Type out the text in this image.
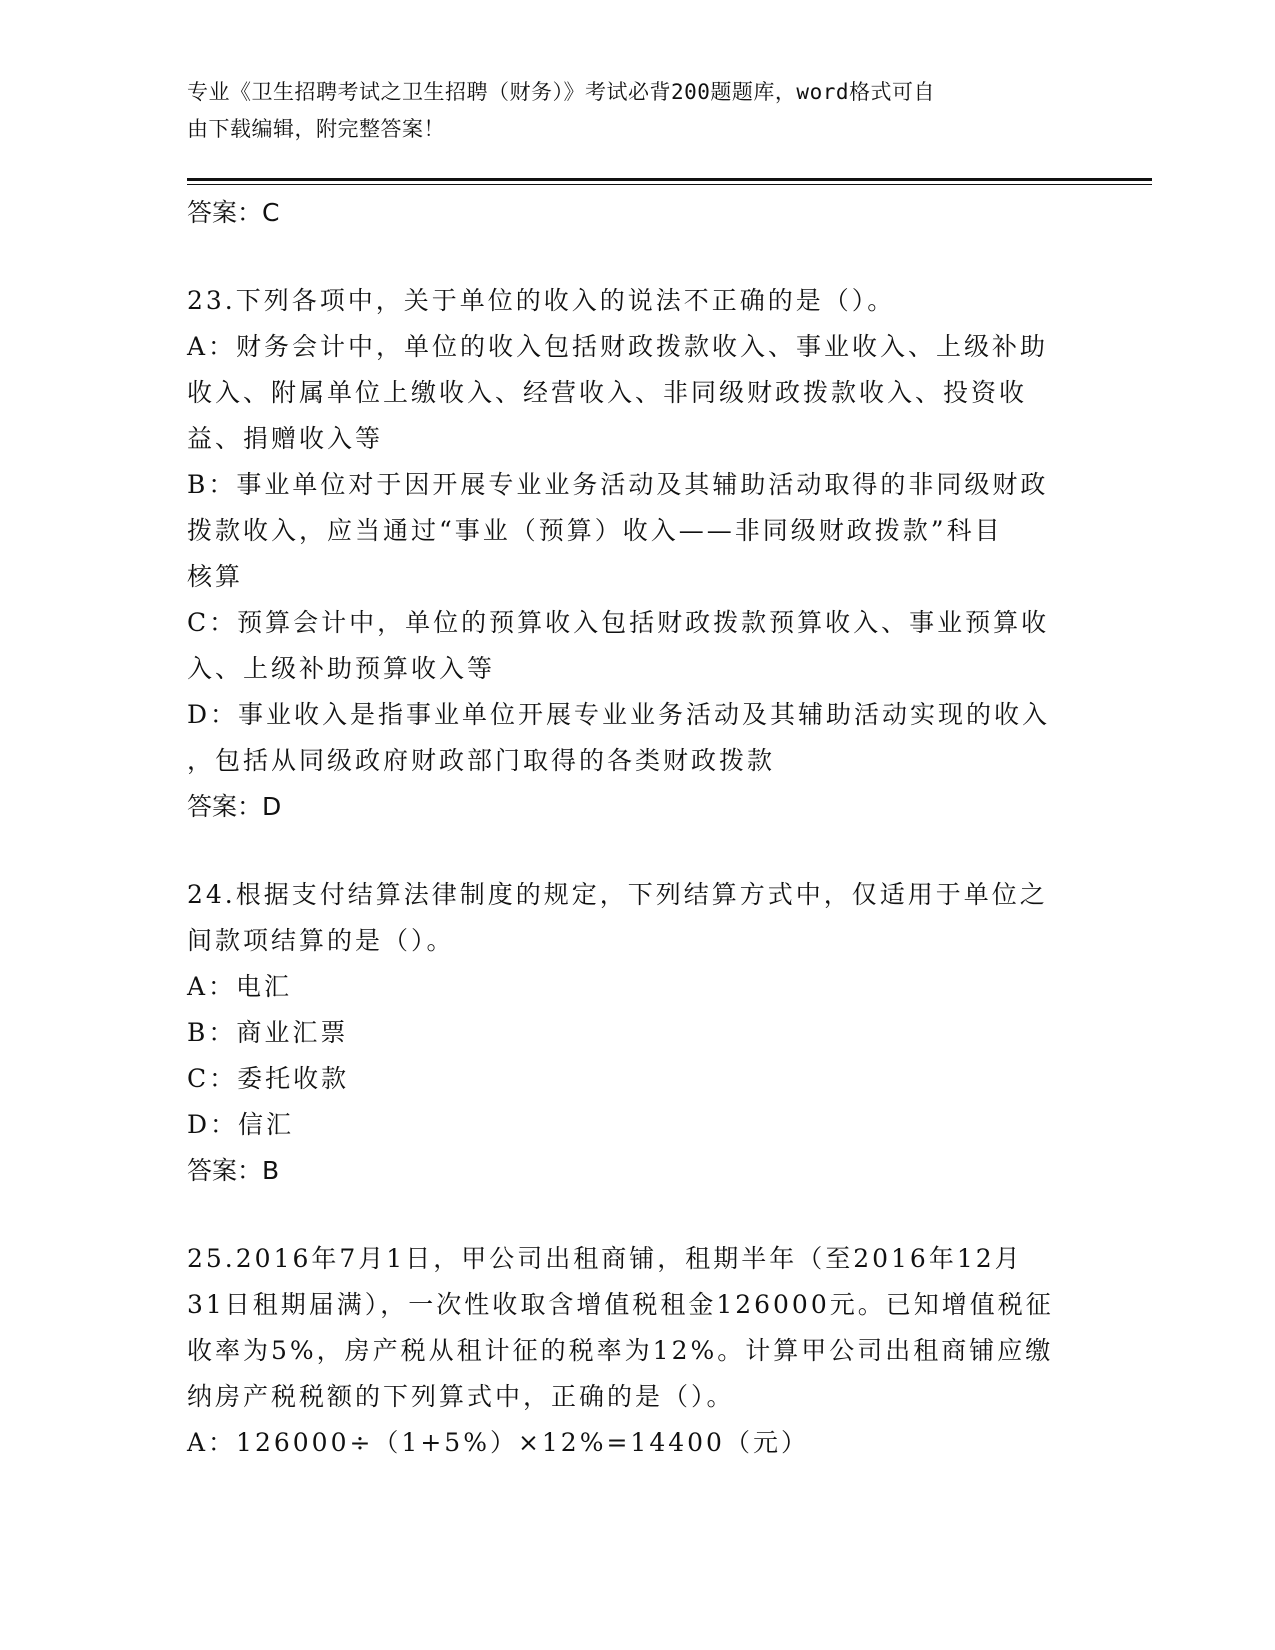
专业《卫生招聘考试之卫生招聘（财务）》考试必背200题题库，word格式可自
由下载编辑，附完整答案！

答案：C

23.下列各项中，关于单位的收入的说法不正确的是（）。

A：财务会计中，单位的收入包括财政拨款收入、事业收入、上级补助

收入、附属单位上缴收入、经营收入、非同级财政拨款收入、投资收

益、捐赠收入等

B：事业单位对于因开展专业业务活动及其辅助活动取得的非同级财政

拨款收入，应当通过“事业（预算）收入——非同级财政拨款”科目

核算

C：预算会计中，单位的预算收入包括财政拨款预算收入、事业预算收

入、上级补助预算收入等

D：事业收入是指事业单位开展专业业务活动及其辅助活动实现的收入

，包括从同级政府财政部门取得的各类财政拨款

答案：D

24.根据支付结算法律制度的规定，下列结算方式中，仅适用于单位之

间款项结算的是（）。

A：电汇

B：商业汇票

C：委托收款

D：信汇

答案：B

25.2016年7月1日，甲公司出租商铺，租期半年（至2016年12月

31日租期届满），一次性收取含增值税租金126000元。已知增值税征

收率为5%，房产税从租计征的税率为12%。计算甲公司出租商铺应缴

纳房产税税额的下列算式中，正确的是（）。

A：126000÷（1+5%）×12%=14400（元）
